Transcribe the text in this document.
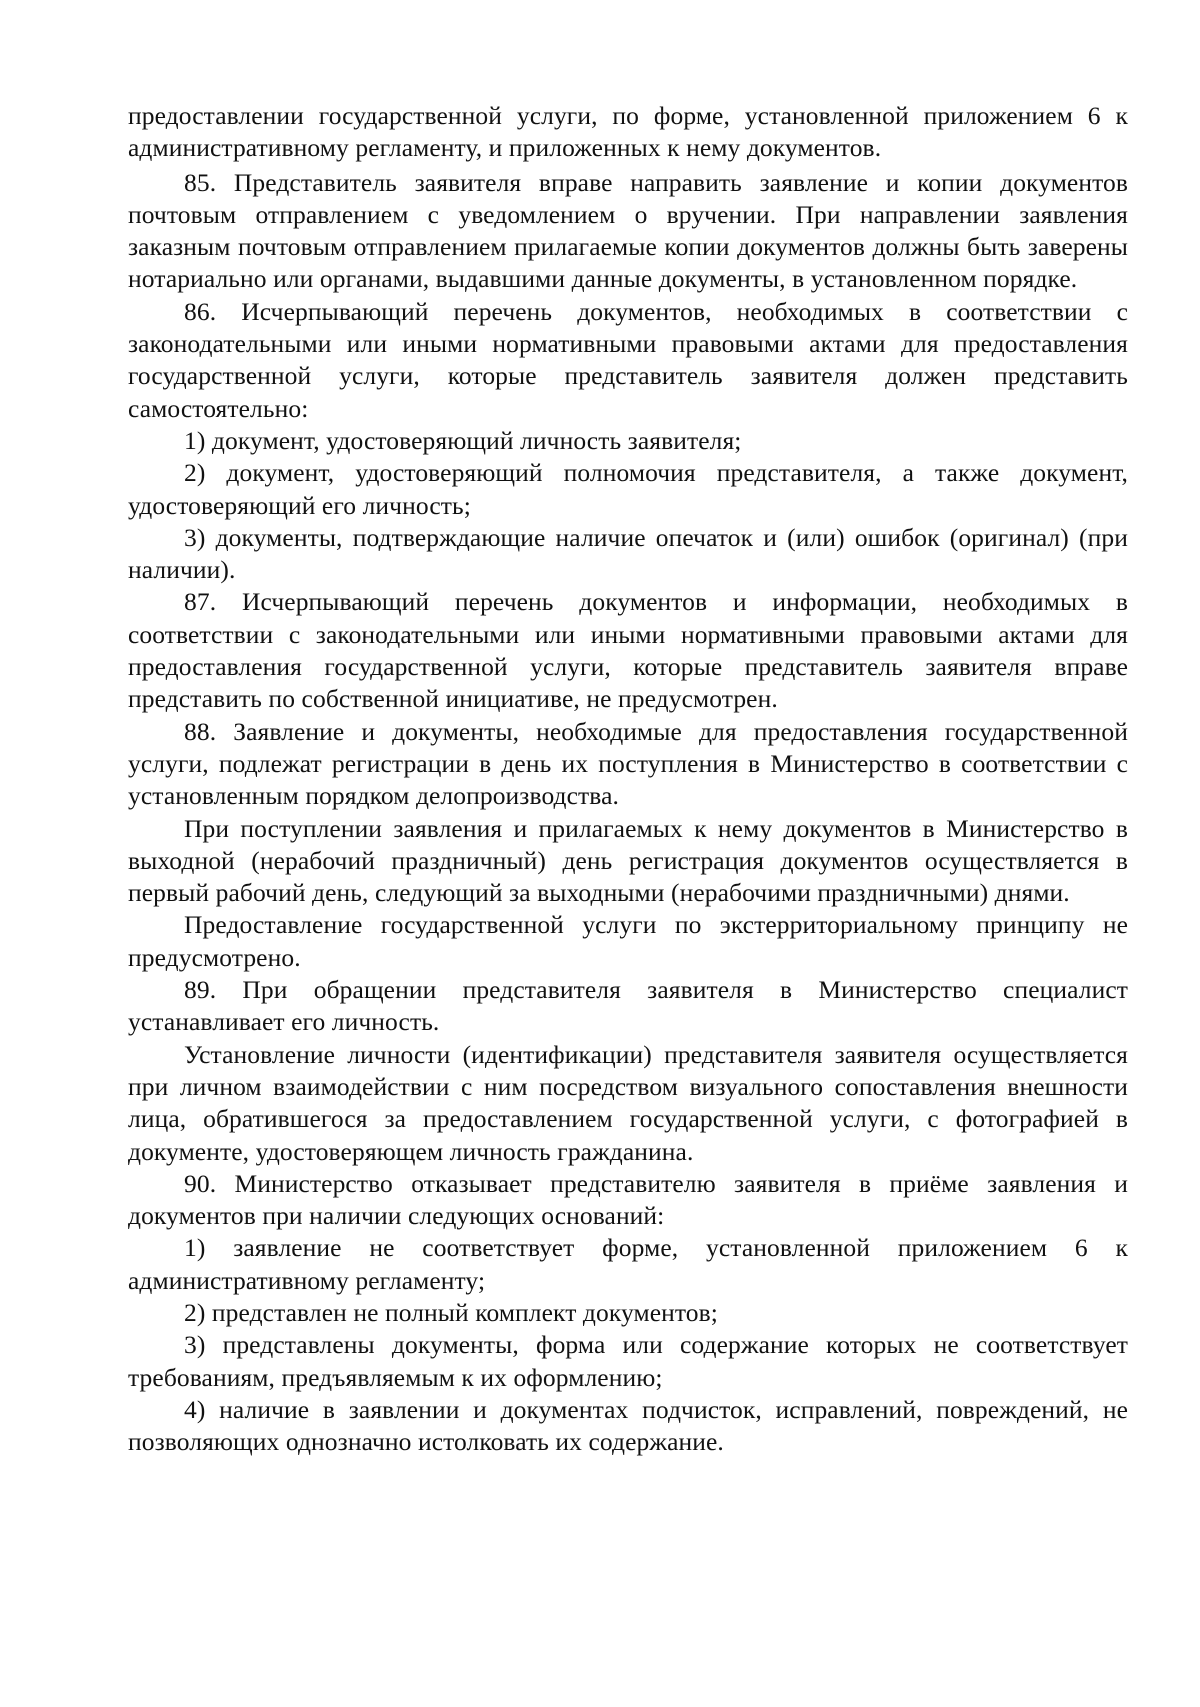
предоставлении государственной услуги, по форме, установленной приложением 6 к административному регламенту, и приложенных к нему документов.

85. Представитель заявителя вправе направить заявление и копии документов почтовым отправлением с уведомлением о вручении. При направлении заявления заказным почтовым отправлением прилагаемые копии документов должны быть заверены нотариально или органами, выдавшими данные документы, в установленном порядке.

86. Исчерпывающий перечень документов, необходимых в соответствии с законодательными или иными нормативными правовыми актами для предоставления государственной услуги, которые представитель заявителя должен представить самостоятельно:

1) документ, удостоверяющий личность заявителя;

2) документ, удостоверяющий полномочия представителя, а также документ, удостоверяющий его личность;

3) документы, подтверждающие наличие опечаток и (или) ошибок (оригинал) (при наличии).

87. Исчерпывающий перечень документов и информации, необходимых в соответствии с законодательными или иными нормативными правовыми актами для предоставления государственной услуги, которые представитель заявителя вправе представить по собственной инициативе, не предусмотрен.

88. Заявление и документы, необходимые для предоставления государственной услуги, подлежат регистрации в день их поступления в Министерство в соответствии с установленным порядком делопроизводства.

При поступлении заявления и прилагаемых к нему документов в Министерство в выходной (нерабочий праздничный) день регистрация документов осуществляется в первый рабочий день, следующий за выходными (нерабочими праздничными) днями.

Предоставление государственной услуги по экстерриториальному принципу не предусмотрено.

89. При обращении представителя заявителя в Министерство специалист устанавливает его личность.

Установление личности (идентификации) представителя заявителя осуществляется при личном взаимодействии с ним посредством визуального сопоставления внешности лица, обратившегося за предоставлением государственной услуги, с фотографией в документе, удостоверяющем личность гражданина.

90. Министерство отказывает представителю заявителя в приёме заявления и документов при наличии следующих оснований:

1) заявление не соответствует форме, установленной приложением 6 к административному регламенту;

2) представлен не полный комплект документов;

3) представлены документы, форма или содержание которых не соответствует требованиям, предъявляемым к их оформлению;

4) наличие в заявлении и документах подчисток, исправлений, повреждений, не позволяющих однозначно истолковать их содержание.
